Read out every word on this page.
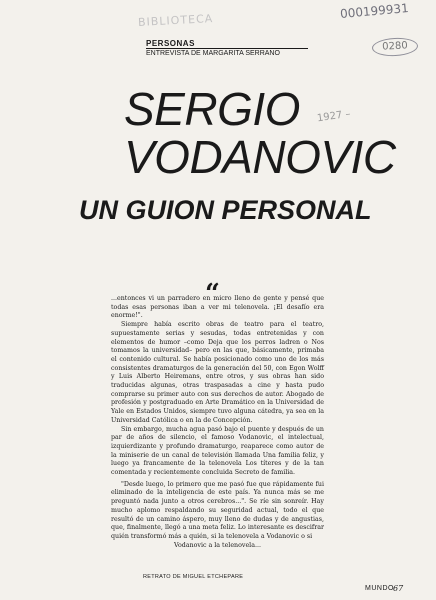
BIBLIOTECA	000199931
0280
1927 –
PERSONAS
ENTREVISTA DE MARGARITA SERRANO
SERGIO
VODANOVIC
UN GUION PERSONAL
“

...entonces vi un parradero en micro lleno de gente y pensé que todas esas personas iban a ver mi telenovela. ¡El desafío era enorme!".

Siempre había escrito obras de teatro para el teatro, supuestamente serias y sesudas, todas entretenidas y con elementos de humor –como Deja que los perros ladren o Nos tomamos la universidad– pero en las que, básicamente, primaba el contenido cultural. Se había posicionado como uno de los más consistentes dramaturgos de la generación del 50, con Egon Wolff y Luis Alberto Heiremans, entre otros, y sus obras han sido traducidas algunas, otras traspasadas a cine y hasta pudo comprarse su primer auto con sus derechos de autor. Abogado de profesión y postgraduado en Arte Dramático en la Universidad de Yale en Estados Unidos, siempre tuvo alguna cátedra, ya sea en la Universidad Católica o en la de Concepción.

Sin embargo, mucha agua pasó bajo el puente y después de un par de años de silencio, el famoso Vodanovic, el intelectual, izquierdizante y profundo dramaturgo, reaparece como autor de la miniserie de un canal de televisión llamada Una familia feliz, y luego ya francamente de la telenovela Los títeres y de la tan comentada y recientemente concluida Secreto de familia.

"Desde luego, lo primero que me pasó fue que rápidamente fui eliminado de la inteligencia de este país. Ya nunca más se me preguntó nada junto a otros cerebros...". Se ríe sin sonreír. Hay mucho aplomo respaldando su seguridad actual, todo el que resultó de un camino áspero, muy lleno de dudas y de angustias, que, finalmente, llegó a una meta feliz. Lo interesante es descifrar quién transformó más a quién, si la telenovela a Vodanovic o si

Vodanovic a la telenovela...

RETRATO DE MIGUEL ETCHEPARE
MUNDO 67
